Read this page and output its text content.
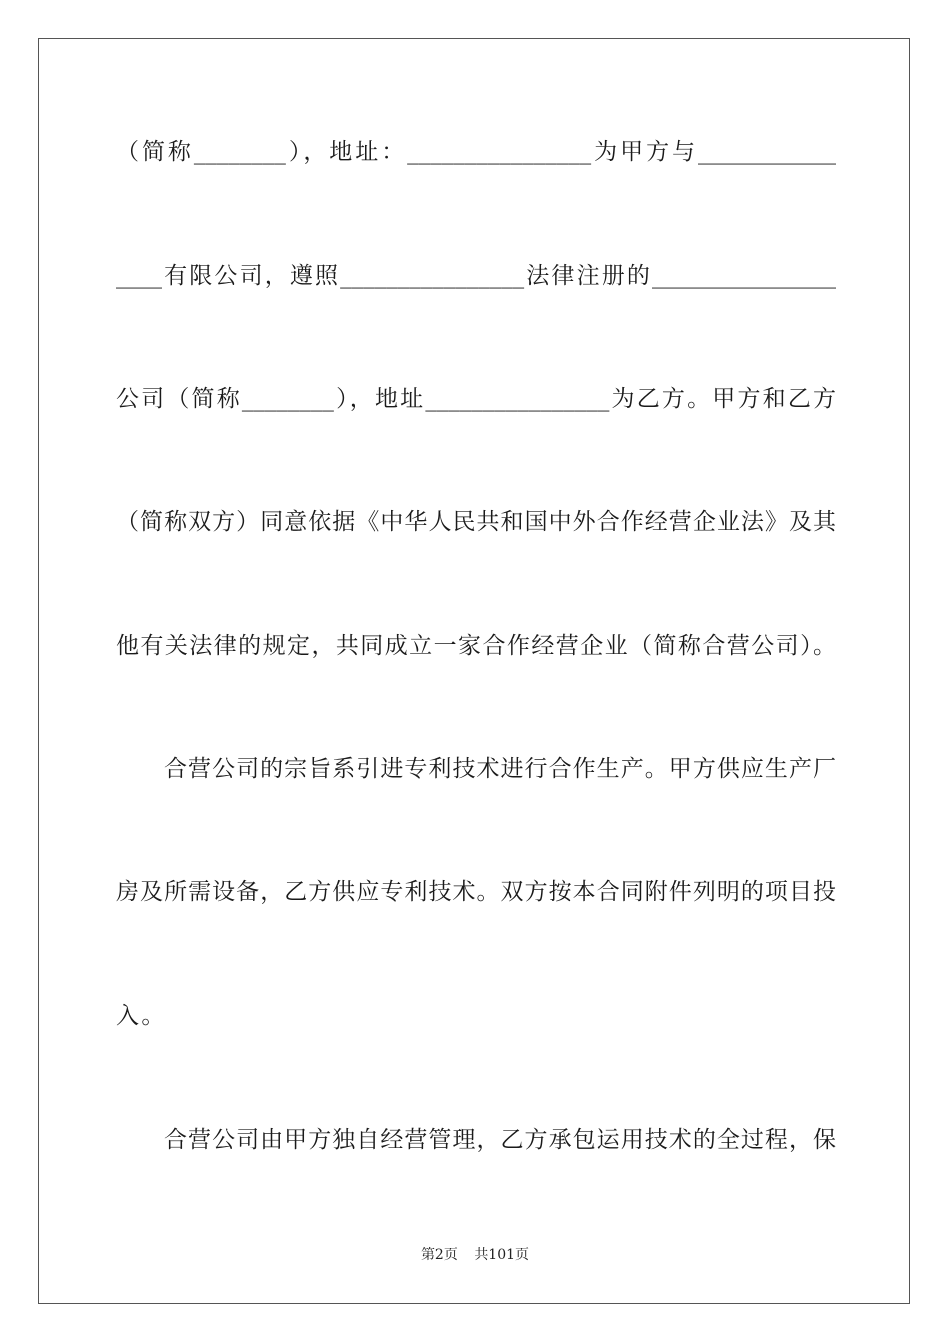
（简称________），地址：________________为甲方与____________
____有限公司，遵照________________法律注册的________________
公司（简称________），地址________________为乙方。甲方和乙方
（简称双方）同意依据《中华人民共和国中外合作经营企业法》及其
他有关法律的规定，共同成立一家合作经营企业（简称合营公司）。
合营公司的宗旨系引进专利技术进行合作生产。甲方供应生产厂
房及所需设备，乙方供应专利技术。双方按本合同附件列明的项目投
入。
合营公司由甲方独自经营管理，乙方承包运用技术的全过程，保
第2页 共101页
